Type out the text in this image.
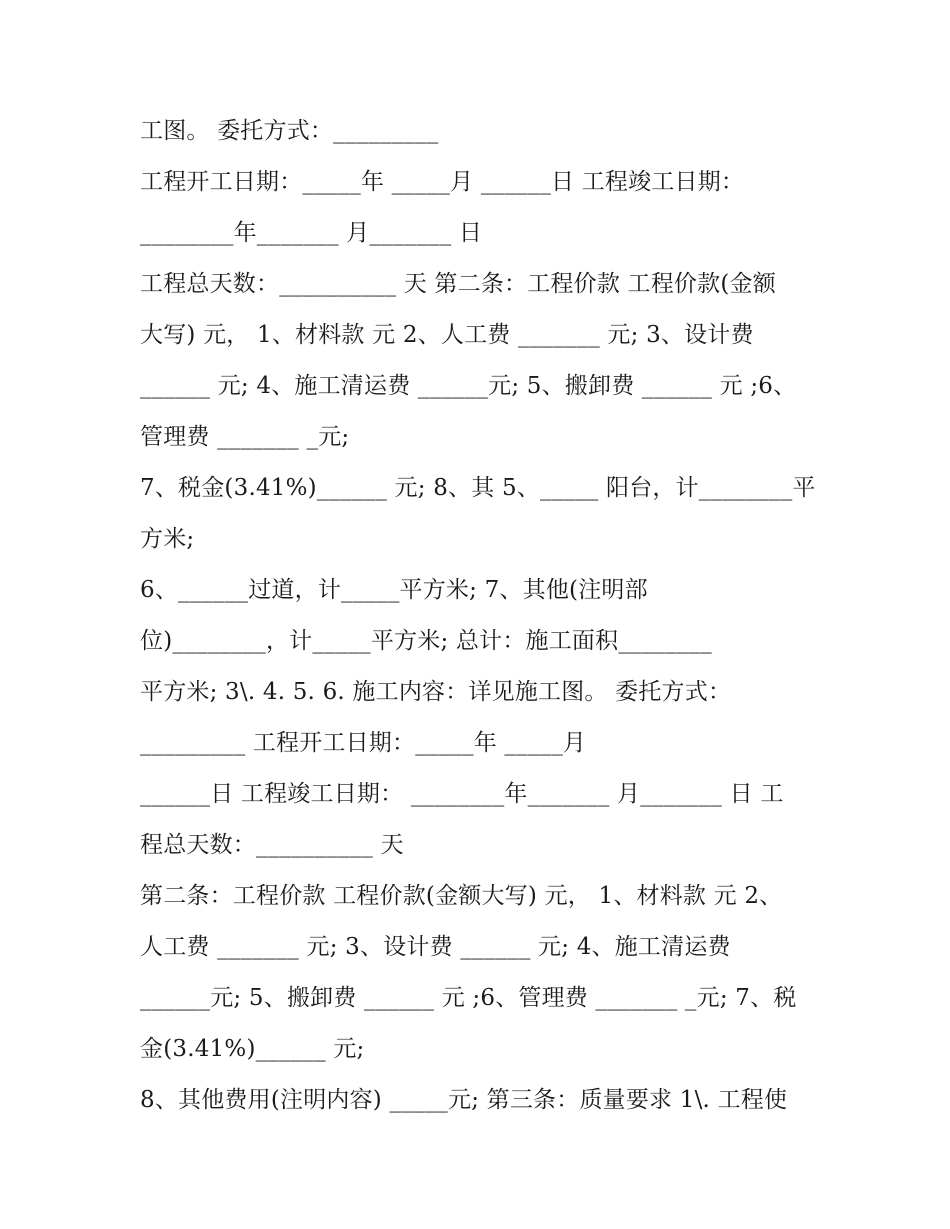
工图。 委托方式：_________
工程开工日期：_____年 _____月 ______日 工程竣工日期：
________年_______ 月_______ 日
工程总天数：__________ 天 第二条：工程价款 工程价款(金额
大写) 元， 1、材料款 元 2、人工费 _______ 元; 3、设计费
______ 元; 4、施工清运费 ______元; 5、搬卸费 ______ 元 ;6、
管理费 _______ _元;
7、税金(3.41%)______ 元; 8、其 5、_____ 阳台，计________平
方米;
6、______过道，计_____平方米; 7、其他(注明部
位)________，计_____平方米; 总计：施工面积________
平方米; 3\. 4. 5. 6. 施工内容：详见施工图。 委托方式：
_________ 工程开工日期：_____年 _____月
______日 工程竣工日期： ________年_______ 月_______ 日 工
程总天数：__________ 天
第二条：工程价款 工程价款(金额大写) 元， 1、材料款 元 2、
人工费 _______ 元; 3、设计费 ______ 元; 4、施工清运费
______元; 5、搬卸费 ______ 元 ;6、管理费 _______ _元; 7、税
金(3.41%)______ 元;
8、其他费用(注明内容) _____元; 第三条：质量要求 1\. 工程使
